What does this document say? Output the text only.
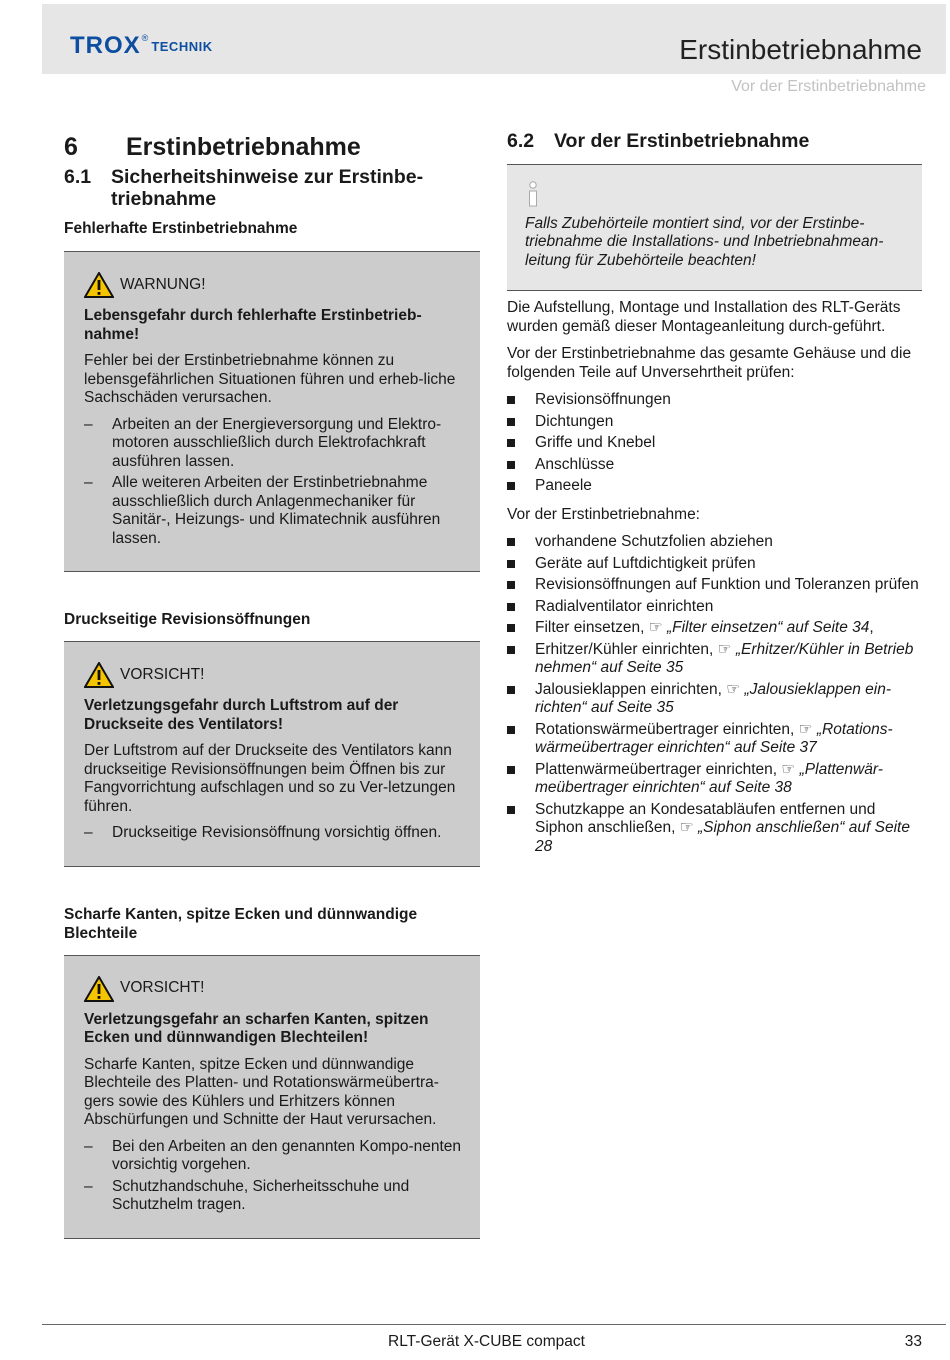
TROX ®
TECHNIK	Erstinbetriebnahme
Vor der Erstinbetriebnahme
6	Erstinbetriebnahme
6.1	Sicherheitshinweise zur Erstinbe-triebnahme

Fehlerhafte Erstinbetriebnahme

WARNUNG!

Lebensgefahr durch fehlerhafte Erstinbetrieb-nahme!

Fehler bei der Erstinbetriebnahme können zu lebensgefährlichen Situationen führen und erheb-liche Sachschäden verursachen.

–	Arbeiten an der Energieversorgung und Elektro-motoren ausschließlich durch Elektrofachkraft ausführen lassen.
–	Alle weiteren Arbeiten der Erstinbetriebnahme ausschließlich durch Anlagenmechaniker für Sanitär-, Heizungs- und Klimatechnik ausführen lassen.

Druckseitige Revisionsöffnungen

VORSICHT!

Verletzungsgefahr durch Luftstrom auf der Druckseite des Ventilators!

Der Luftstrom auf der Druckseite des Ventilators kann druckseitige Revisionsöffnungen beim Öffnen bis zur Fangvorrichtung aufschlagen und so zu Ver-letzungen führen.

–	Druckseitige Revisionsöffnung vorsichtig öffnen.

Scharfe Kanten, spitze Ecken und dünnwandige Blechteile

VORSICHT!

Verletzungsgefahr an scharfen Kanten, spitzen Ecken und dünnwandigen Blechteilen!

Scharfe Kanten, spitze Ecken und dünnwandige Blechteile des Platten- und Rotationswärmeübertra-gers sowie des Kühlers und Erhitzers können Abschürfungen und Schnitte der Haut verursachen.

–	Bei den Arbeiten an den genannten Kompo-nenten vorsichtig vorgehen.
–	Schutzhandschuhe, Sicherheitsschuhe und Schutzhelm tragen.
6.2	Vor der Erstinbetriebnahme
Falls Zubehörteile montiert sind, vor der Erstinbe-triebnahme die Installations- und Inbetriebnahmean-leitung für Zubehörteile beachten!

Die Aufstellung, Montage und Installation des RLT-Geräts wurden gemäß dieser Montageanleitung durch-geführt.

Vor der Erstinbetriebnahme das gesamte Gehäuse und die folgenden Teile auf Unversehrtheit prüfen:

Revisionsöffnungen
Dichtungen
Griffe und Knebel
Anschlüsse
Paneele

Vor der Erstinbetriebnahme:

vorhandene Schutzfolien abziehen
Geräte auf Luftdichtigkeit prüfen
Revisionsöffnungen auf Funktion und Toleranzen prüfen
Radialventilator einrichten
Filter einsetzen, ☞ „Filter einsetzen“ auf Seite 34,
Erhitzer/Kühler einrichten, ☞ „Erhitzer/Kühler in Betrieb nehmen“ auf Seite 35
Jalousieklappen einrichten, ☞ „Jalousieklappen ein-richten“ auf Seite 35
Rotationswärmeübertrager einrichten, ☞ „Rotations-wärmeübertrager einrichten“ auf Seite 37
Plattenwärmeübertrager einrichten, ☞ „Plattenwär-meübertrager einrichten“ auf Seite 38
Schutzkappe an Kondesatabläufen entfernen und Siphon anschließen, ☞ „Siphon anschließen“ auf Seite 28
RLT-Gerät X-CUBE compact	33
